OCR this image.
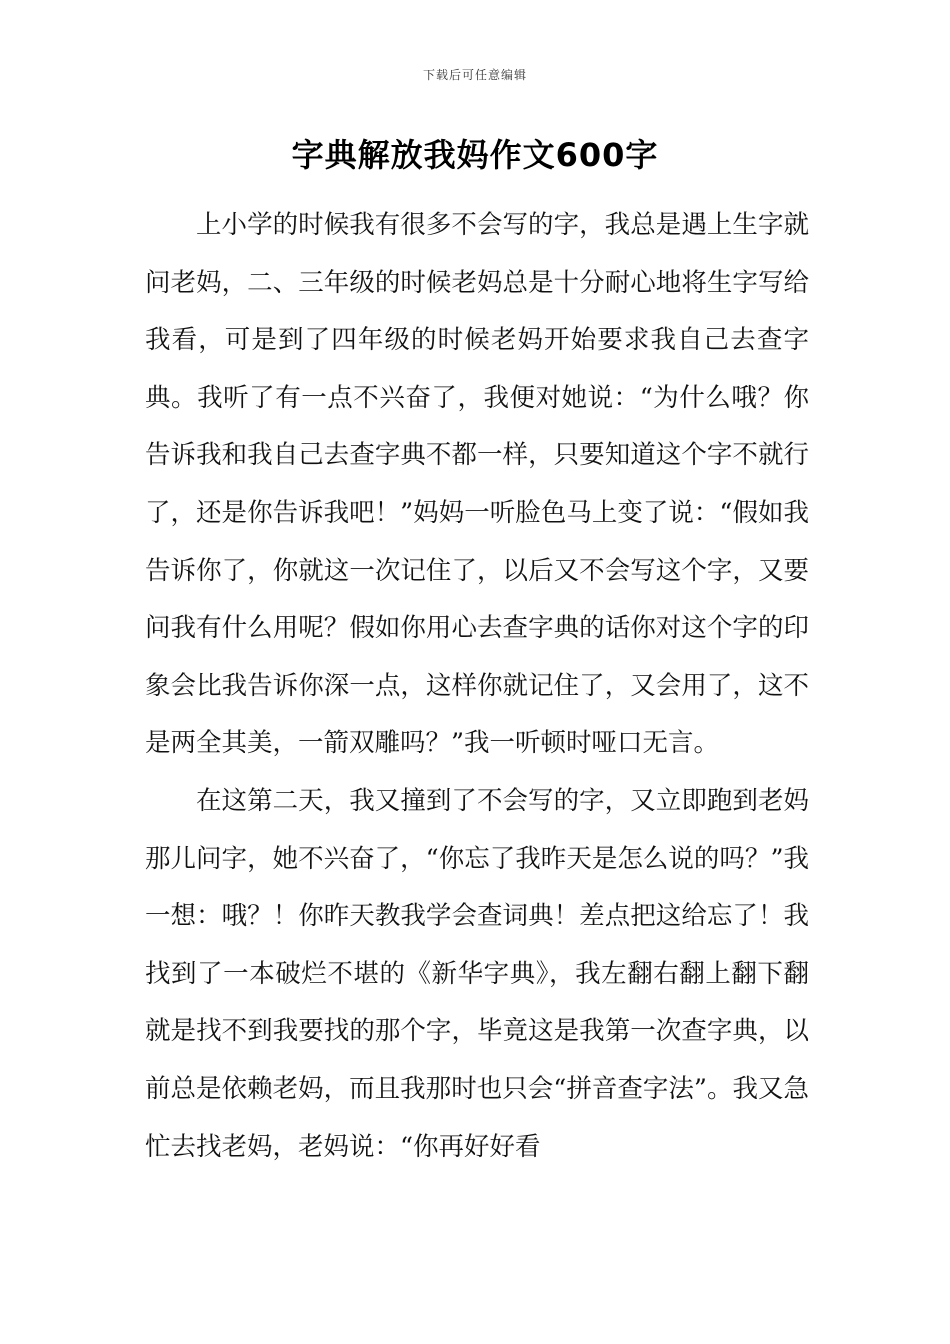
下载后可任意编辑
字典解放我妈作文600字

上小学的时候我有很多不会写的字，我总是遇上生字就问老妈，二、三年级的时候老妈总是十分耐心地将生字写给我看，可是到了四年级的时候老妈开始要求我自己去查字典。我听了有一点不兴奋了，我便对她说：“为什么哦？你告诉我和我自己去查字典不都一样，只要知道这个字不就行了，还是你告诉我吧！”妈妈一听脸色马上变了说：“假如我告诉你了，你就这一次记住了，以后又不会写这个字，又要问我有什么用呢？假如你用心去查字典的话你对这个字的印象会比我告诉你深一点，这样你就记住了，又会用了，这不是两全其美，一箭双雕吗？”我一听顿时哑口无言。

在这第二天，我又撞到了不会写的字，又立即跑到老妈那儿问字，她不兴奋了，“你忘了我昨天是怎么说的吗？”我一想：哦？！你昨天教我学会查词典！差点把这给忘了！我找到了一本破烂不堪的《新华字典》，我左翻右翻上翻下翻就是找不到我要找的那个字，毕竟这是我第一次查字典，以前总是依赖老妈，而且我那时也只会“拼音查字法”。我又急忙去找老妈，老妈说：“你再好好看
